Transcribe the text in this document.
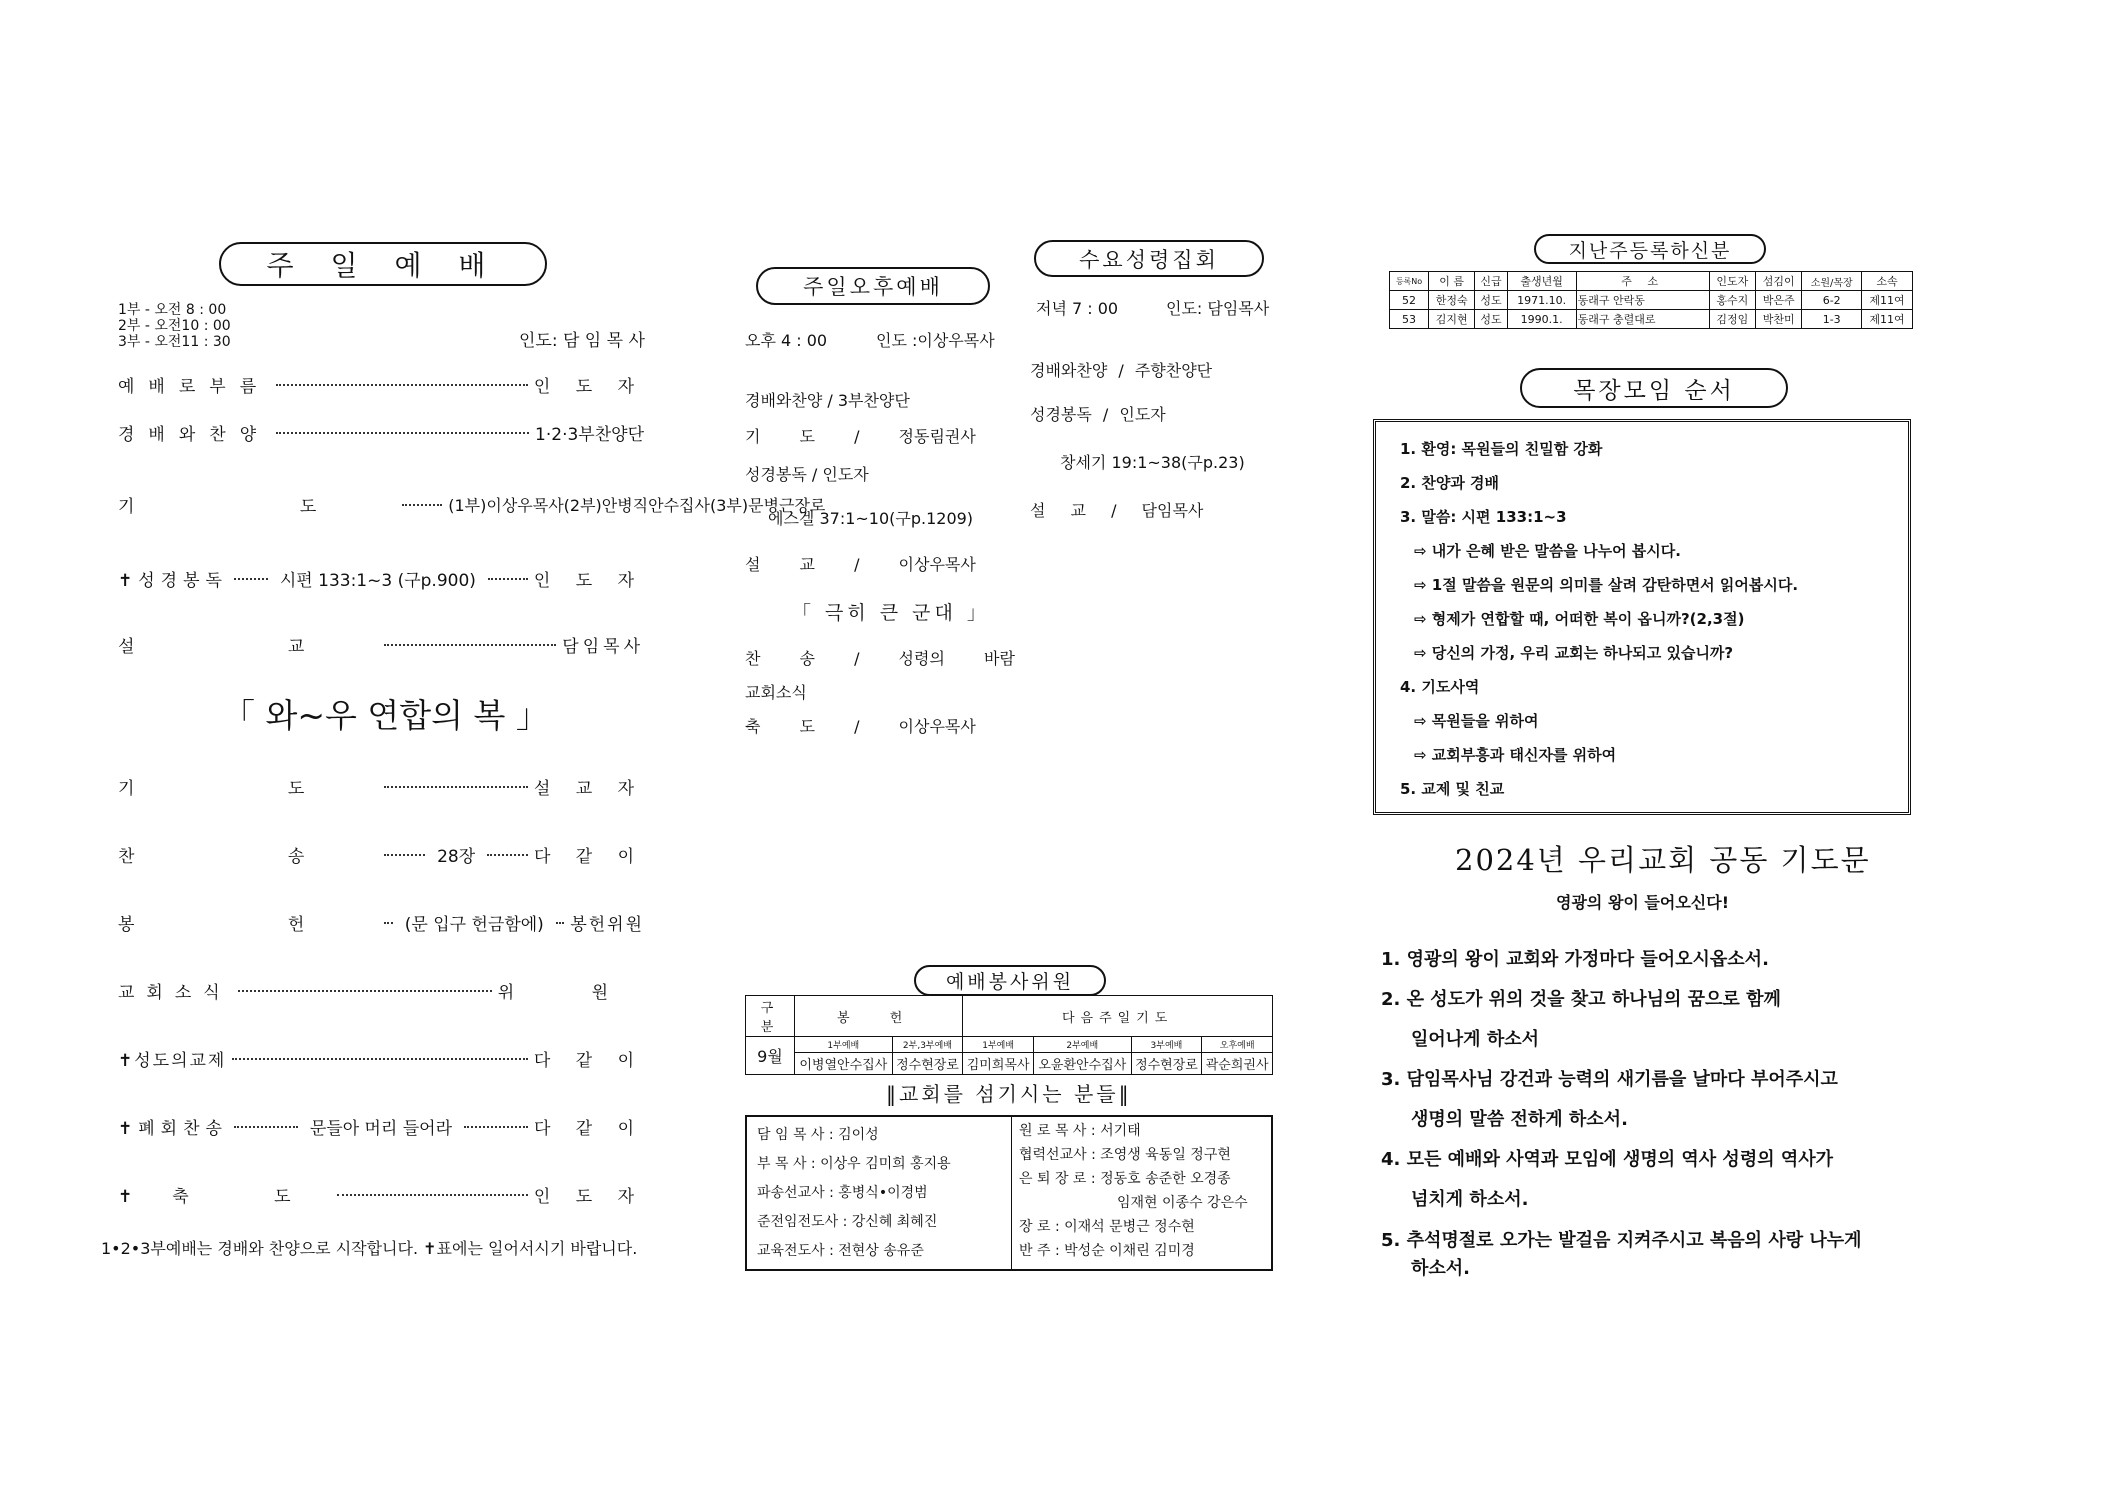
주 일 예 배
1부 - 오전 8 : 00
2부 - 오전10 : 00
3부 - 오전11 : 30	인도: 담 임 목 사
예배로부름	인 도 자
경배와찬양	1·2·3부찬양단
기 도	(1부)이상우목사(2부)안병직안수집사(3부)문병근장로
✝성경봉독	시편 133:1~3 (구p.900)	인 도 자
설 교	담임목사
「 와~우 연합의 복 」
기 도	설 교 자
찬 송	28장	다 같 이
봉 헌	(문 입구 헌금함에)	봉헌위원
교회소식	위 원
✝성도의교제	다 같 이
✝폐회찬송	문들아 머리 들어라	다 같 이
✝축 도	인 도 자
1•2•3부예배는 경배와 찬양으로 시작합니다. ✝표에는 일어서시기 바랍니다.
주일오후예배
오후 4 : 00	인도 :이상우목사
경배와찬양 / 3부찬양단
기 도 / 정동림권사
성경봉독 / 인도자
에스겔 37:1~10(구p.1209)
설 교 / 이상우목사
「 극히 큰 군대 」
찬 송 / 성령의 바람
교회소식
축 도 / 이상우목사
수요성령집회
저녁 7 : 00	인도: 담임목사
경배와찬양 / 주향찬양단
성경봉독 / 인도자
창세기 19:1~38(구p.23)
설 교 / 담임목사
예배봉사위원
구 분	봉 헌		다음주일기도			
9월	1부예배	2부,3부예배	1부예배	2부예배	3부예배	오후예배
	이병열안수집사	정수현장로	김미희목사	오윤환안수집사	정수현장로	곽순희권사
‖교회를 섬기시는 분들‖
담 임 목 사 : 김이성
부 목 사 : 이상우 김미희 홍지용
파송선교사 : 홍병식•이경범
준전임전도사 : 강신혜 최혜진
교육전도사 : 전현상 송유준
원 로 목 사 : 서기태
협력선교사 : 조영생 육동일 정구현
은 퇴 장 로 : 정동호 송준한 오경종
임재현 이종수 강은수
장 로 : 이재석 문병근 정수현
반 주 : 박성순 이채린 김미경
지난주등록하신분
등록No	이 름	신급	출생년월	주 소	인도자	섬김이	소원/목장	소속
52	한정숙	성도	1971.10.	동래구 안락동	홍수지	박은주	6-2	제11여
53	김지현	성도	1990.1.	동래구 충렬대로	김정임	박찬미	1-3	제11여
목장모임 순서
1. 환영: 목원들의 친밀함 강화
2. 찬양과 경배
3. 말씀: 시편 133:1~3
⇨ 내가 은혜 받은 말씀을 나누어 봅시다.
⇨ 1절 말씀을 원문의 의미를 살려 감탄하면서 읽어봅시다.
⇨ 형제가 연합할 때, 어떠한 복이 옵니까?(2,3절)
⇨ 당신의 가정, 우리 교회는 하나되고 있습니까?
4. 기도사역
⇨ 목원들을 위하여
⇨ 교회부흥과 태신자를 위하여
5. 교제 및 친교
2024년 우리교회 공동 기도문
영광의 왕이 들어오신다!
1. 영광의 왕이 교회와 가정마다 들어오시옵소서.
2. 온 성도가 위의 것을 찾고 하나님의 꿈으로 함께
일어나게 하소서
3. 담임목사님 강건과 능력의 새기름을 날마다 부어주시고
생명의 말씀 전하게 하소서.
4. 모든 예배와 사역과 모임에 생명의 역사 성령의 역사가
넘치게 하소서.
5. 추석명절로 오가는 발걸음 지켜주시고 복음의 사랑 나누게
하소서.
